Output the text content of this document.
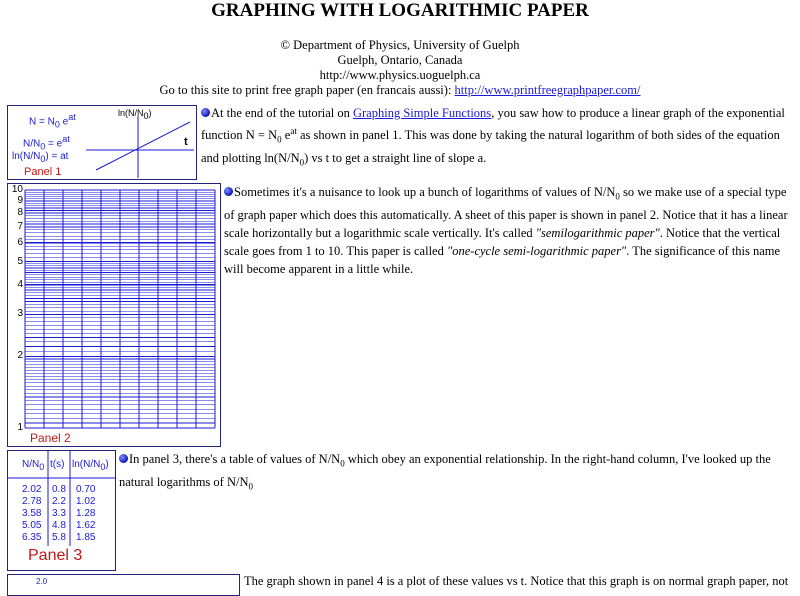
GRAPHING WITH LOGARITHMIC PAPER
© Department of Physics, University of Guelph
Guelph, Ontario, Canada
http://www.physics.uoguelph.ca
Go to this site to print free graph paper (en francais aussi): http://www.printfreegraphpaper.com/
$N = N_0$ $e^{at}$
$N/N_0 = e^{at}$
$\ln(N/N_0)$ = at
$\ln(N/N_0)$
t
Panel 1
At the end of the tutorial on Graphing Simple Functions, you saw how to produce a linear graph of the exponential function $N = N_0$ $e^{at}$ as shown in panel 1. This was done by taking the natural logarithm of both sides of the equation and plotting $\ln(N/N_0)$ vs t to get a straight line of slope a.
10
9
8
7
6
5
4
3
2
1
Panel 2
Sometimes it's a nuisance to look up a bunch of logarithms of values of $N/N_0$ so we make use of a special type of graph paper which does this automatically. A sheet of this paper is shown in panel 2. Notice that it has a linear scale horizontally but a logarithmic scale vertically. It's called "semilogarithmic paper". Notice that the vertical scale goes from 1 to 10. This paper is called "one-cycle semi-logarithmic paper". The significance of this name will become apparent in a little while.
$N/N_0$ t(s) $\ln(N/N_0)$
2.02 0.8 0.70
2.78 2.2 1.02
3.58 3.3 1.28
5.05 4.8 1.62
6.35 5.8 1.85
Panel 3
In panel 3, there's a table of values of $N/N_0$ which obey an exponential relationship. In the right-hand column, I've looked up the natural logarithms of $N/N_0$
2.0	The graph shown in panel 4 is a plot of these values vs t. Notice that this graph is on normal graph paper, not
